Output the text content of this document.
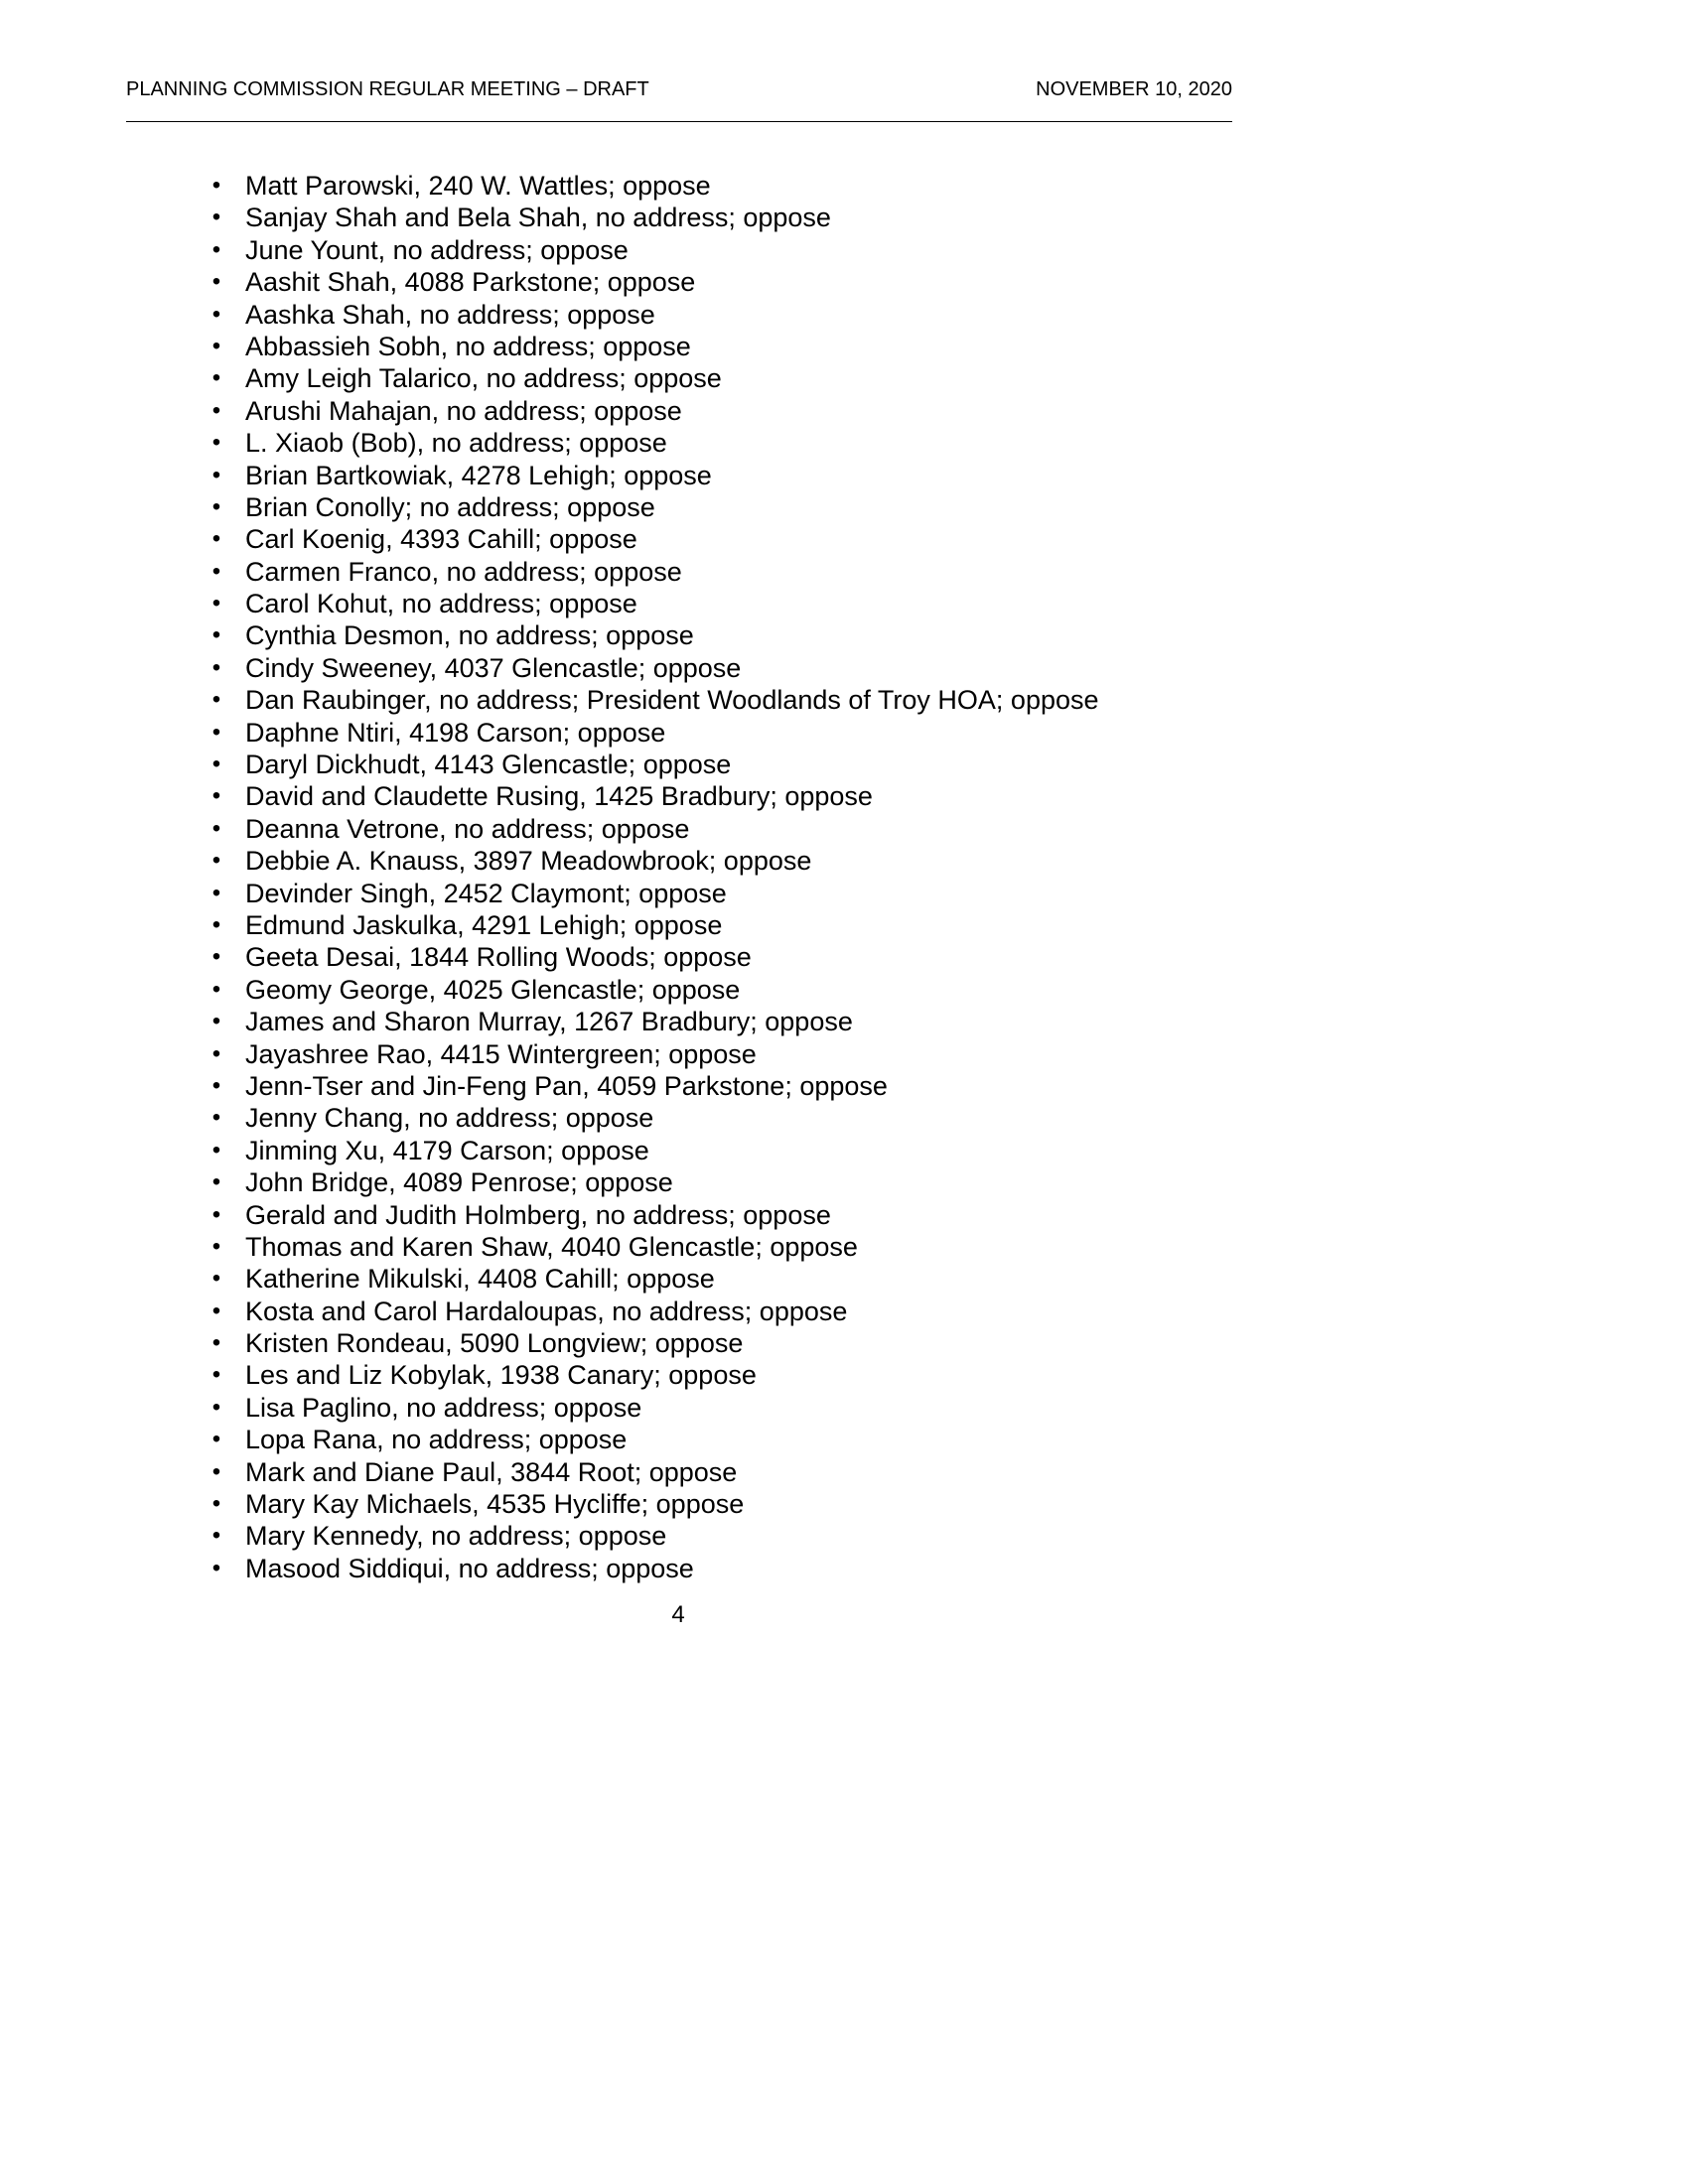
PLANNING COMMISSION REGULAR MEETING – DRAFT	NOVEMBER 10, 2020
• Matt Parowski, 240 W. Wattles; oppose
• Sanjay Shah and Bela Shah, no address; oppose
• June Yount, no address; oppose
• Aashit Shah, 4088 Parkstone; oppose
• Aashka Shah, no address; oppose
• Abbassieh Sobh, no address; oppose
• Amy Leigh Talarico, no address; oppose
• Arushi Mahajan, no address; oppose
• L. Xiaob (Bob), no address; oppose
• Brian Bartkowiak, 4278 Lehigh; oppose
• Brian Conolly; no address; oppose
• Carl Koenig, 4393 Cahill; oppose
• Carmen Franco, no address; oppose
• Carol Kohut, no address; oppose
• Cynthia Desmon, no address; oppose
• Cindy Sweeney, 4037 Glencastle; oppose
• Dan Raubinger, no address; President Woodlands of Troy HOA; oppose
• Daphne Ntiri, 4198 Carson; oppose
• Daryl Dickhudt, 4143 Glencastle; oppose
• David and Claudette Rusing, 1425 Bradbury; oppose
• Deanna Vetrone, no address; oppose
• Debbie A. Knauss, 3897 Meadowbrook; oppose
• Devinder Singh, 2452 Claymont; oppose
• Edmund Jaskulka, 4291 Lehigh; oppose
• Geeta Desai, 1844 Rolling Woods; oppose
• Geomy George, 4025 Glencastle; oppose
• James and Sharon Murray, 1267 Bradbury; oppose
• Jayashree Rao, 4415 Wintergreen; oppose
• Jenn-Tser and Jin-Feng Pan, 4059 Parkstone; oppose
• Jenny Chang, no address; oppose
• Jinming Xu, 4179 Carson; oppose
• John Bridge, 4089 Penrose; oppose
• Gerald and Judith Holmberg, no address; oppose
• Thomas and Karen Shaw, 4040 Glencastle; oppose
• Katherine Mikulski, 4408 Cahill; oppose
• Kosta and Carol Hardaloupas, no address; oppose
• Kristen Rondeau, 5090 Longview; oppose
• Les and Liz Kobylak, 1938 Canary; oppose
• Lisa Paglino, no address; oppose
• Lopa Rana, no address; oppose
• Mark and Diane Paul, 3844 Root; oppose
• Mary Kay Michaels, 4535 Hycliffe; oppose
• Mary Kennedy, no address; oppose
• Masood Siddiqui, no address; oppose
4
